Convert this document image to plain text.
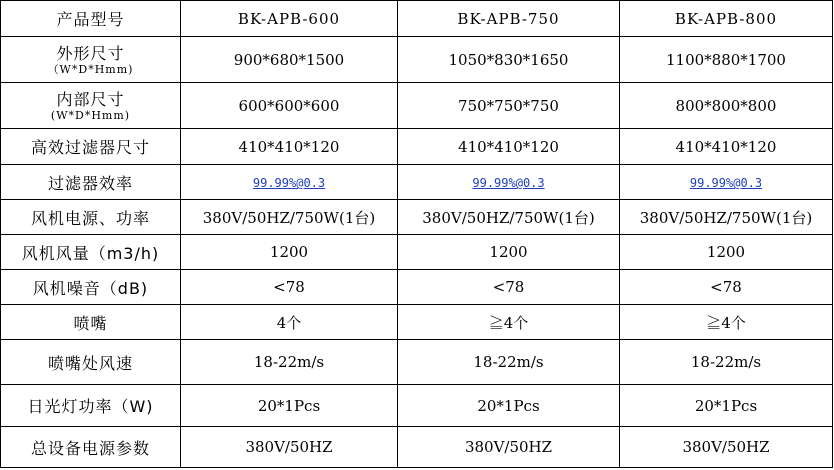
产品型号	BK-APB-600	BK-APB-750	BK-APB-800

外形尺寸
（W*D*Hmm)	900*680*1500	1050*830*1650	1100*880*1700

内部尺寸
(W*D*Hmm)	600*600*600	750*750*750	800*800*800
高效过滤器尺寸	410*410*120	410*410*120	410*410*120
过滤器效率	99.99%@0.3	99.99%@0.3	99.99%@0.3
风机电源、功率	380V/50HZ/750W(1台)	380V/50HZ/750W(1台)	380V/50HZ/750W(1台)
风机风量（m3/h)	1200	1200	1200
风机噪音（dB)	<78	<78	<78
喷嘴	4个	≧4个	≧4个
喷嘴处风速	18-22m/s	18-22m/s	18-22m/s
日光灯功率（W)	20*1Pcs	20*1Pcs	20*1Pcs
总设备电源参数	380V/50HZ	380V/50HZ	380V/50HZ
